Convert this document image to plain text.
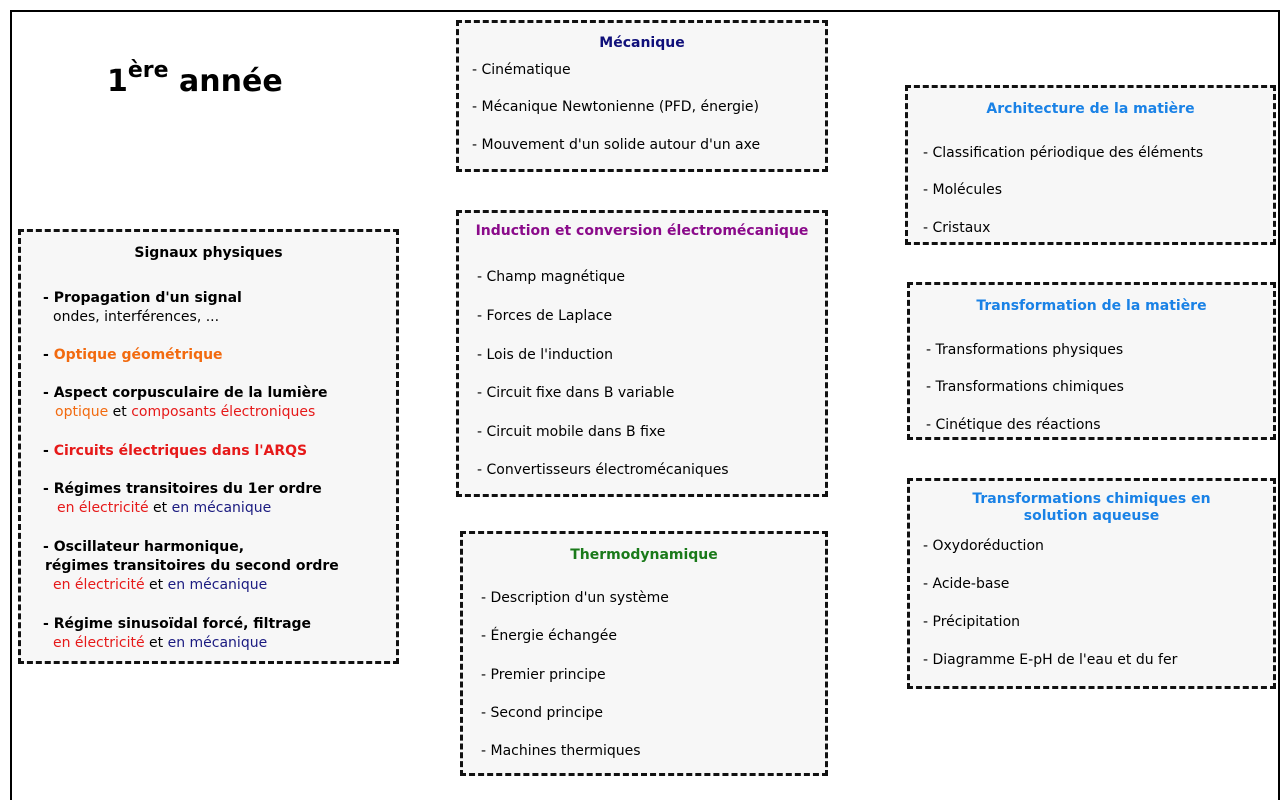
1ère année
Signaux physiques
- Propagation d'un signal
ondes, interférences, ...
- Optique géométrique
- Aspect corpusculaire de la lumière
optique et composants électroniques
- Circuits électriques dans l'ARQS
- Régimes transitoires du 1er ordre
en électricité et en mécanique
- Oscillateur harmonique,
régimes transitoires du second ordre
en électricité et en mécanique
- Régime sinusoïdal forcé, filtrage
en électricité et en mécanique
Mécanique
- Cinématique
- Mécanique Newtonienne (PFD, énergie)
- Mouvement d'un solide autour d'un axe
Induction et conversion électromécanique
- Champ magnétique
- Forces de Laplace
- Lois de l'induction
- Circuit fixe dans B variable
- Circuit mobile dans B fixe
- Convertisseurs électromécaniques
Thermodynamique
- Description d'un système
- Énergie échangée
- Premier principe
- Second principe
- Machines thermiques
Architecture de la matière
- Classification périodique des éléments
- Molécules
- Cristaux
Transformation de la matière
- Transformations physiques
- Transformations chimiques
- Cinétique des réactions
Transformations chimiques en
solution aqueuse
- Oxydoréduction
- Acide-base
- Précipitation
- Diagramme E-pH de l'eau et du fer
